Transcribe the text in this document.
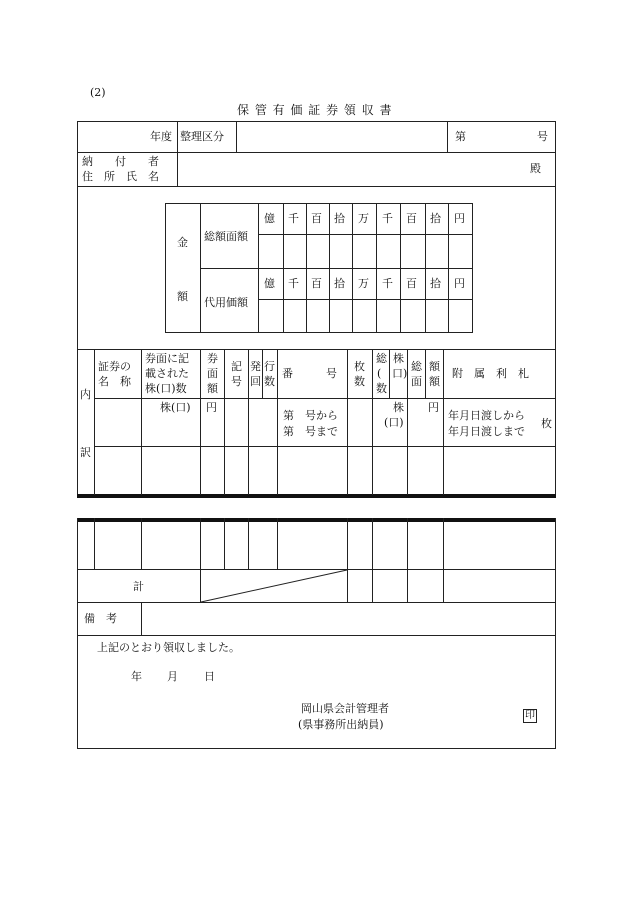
(2)
保 管 有 価 証 券 領 収 書
年度 整理区分	第	号
納　　付　　者
住　所　氏　名
殿
金
額
総額面額
代用価額
億 千 百 拾 万 千 百 拾 円
億 千 百 拾 万 千 百 拾 円
内
訳
証券の
名　称
券面に記
載された
株(口)数
券
面
額
記
号
発
回
行
数
番　　　号
枚
数
総
(
数
株
口)
総
面
額
額
附　属　利　札
株(口) 円
第　号から
第　号まで
株
(口)
円
年月日渡しから
年月日渡しまで
枚
計
備　考
上記のとおり領収しました。
年 月 日
岡山県会計管理者
(県事務所出納員)
印
